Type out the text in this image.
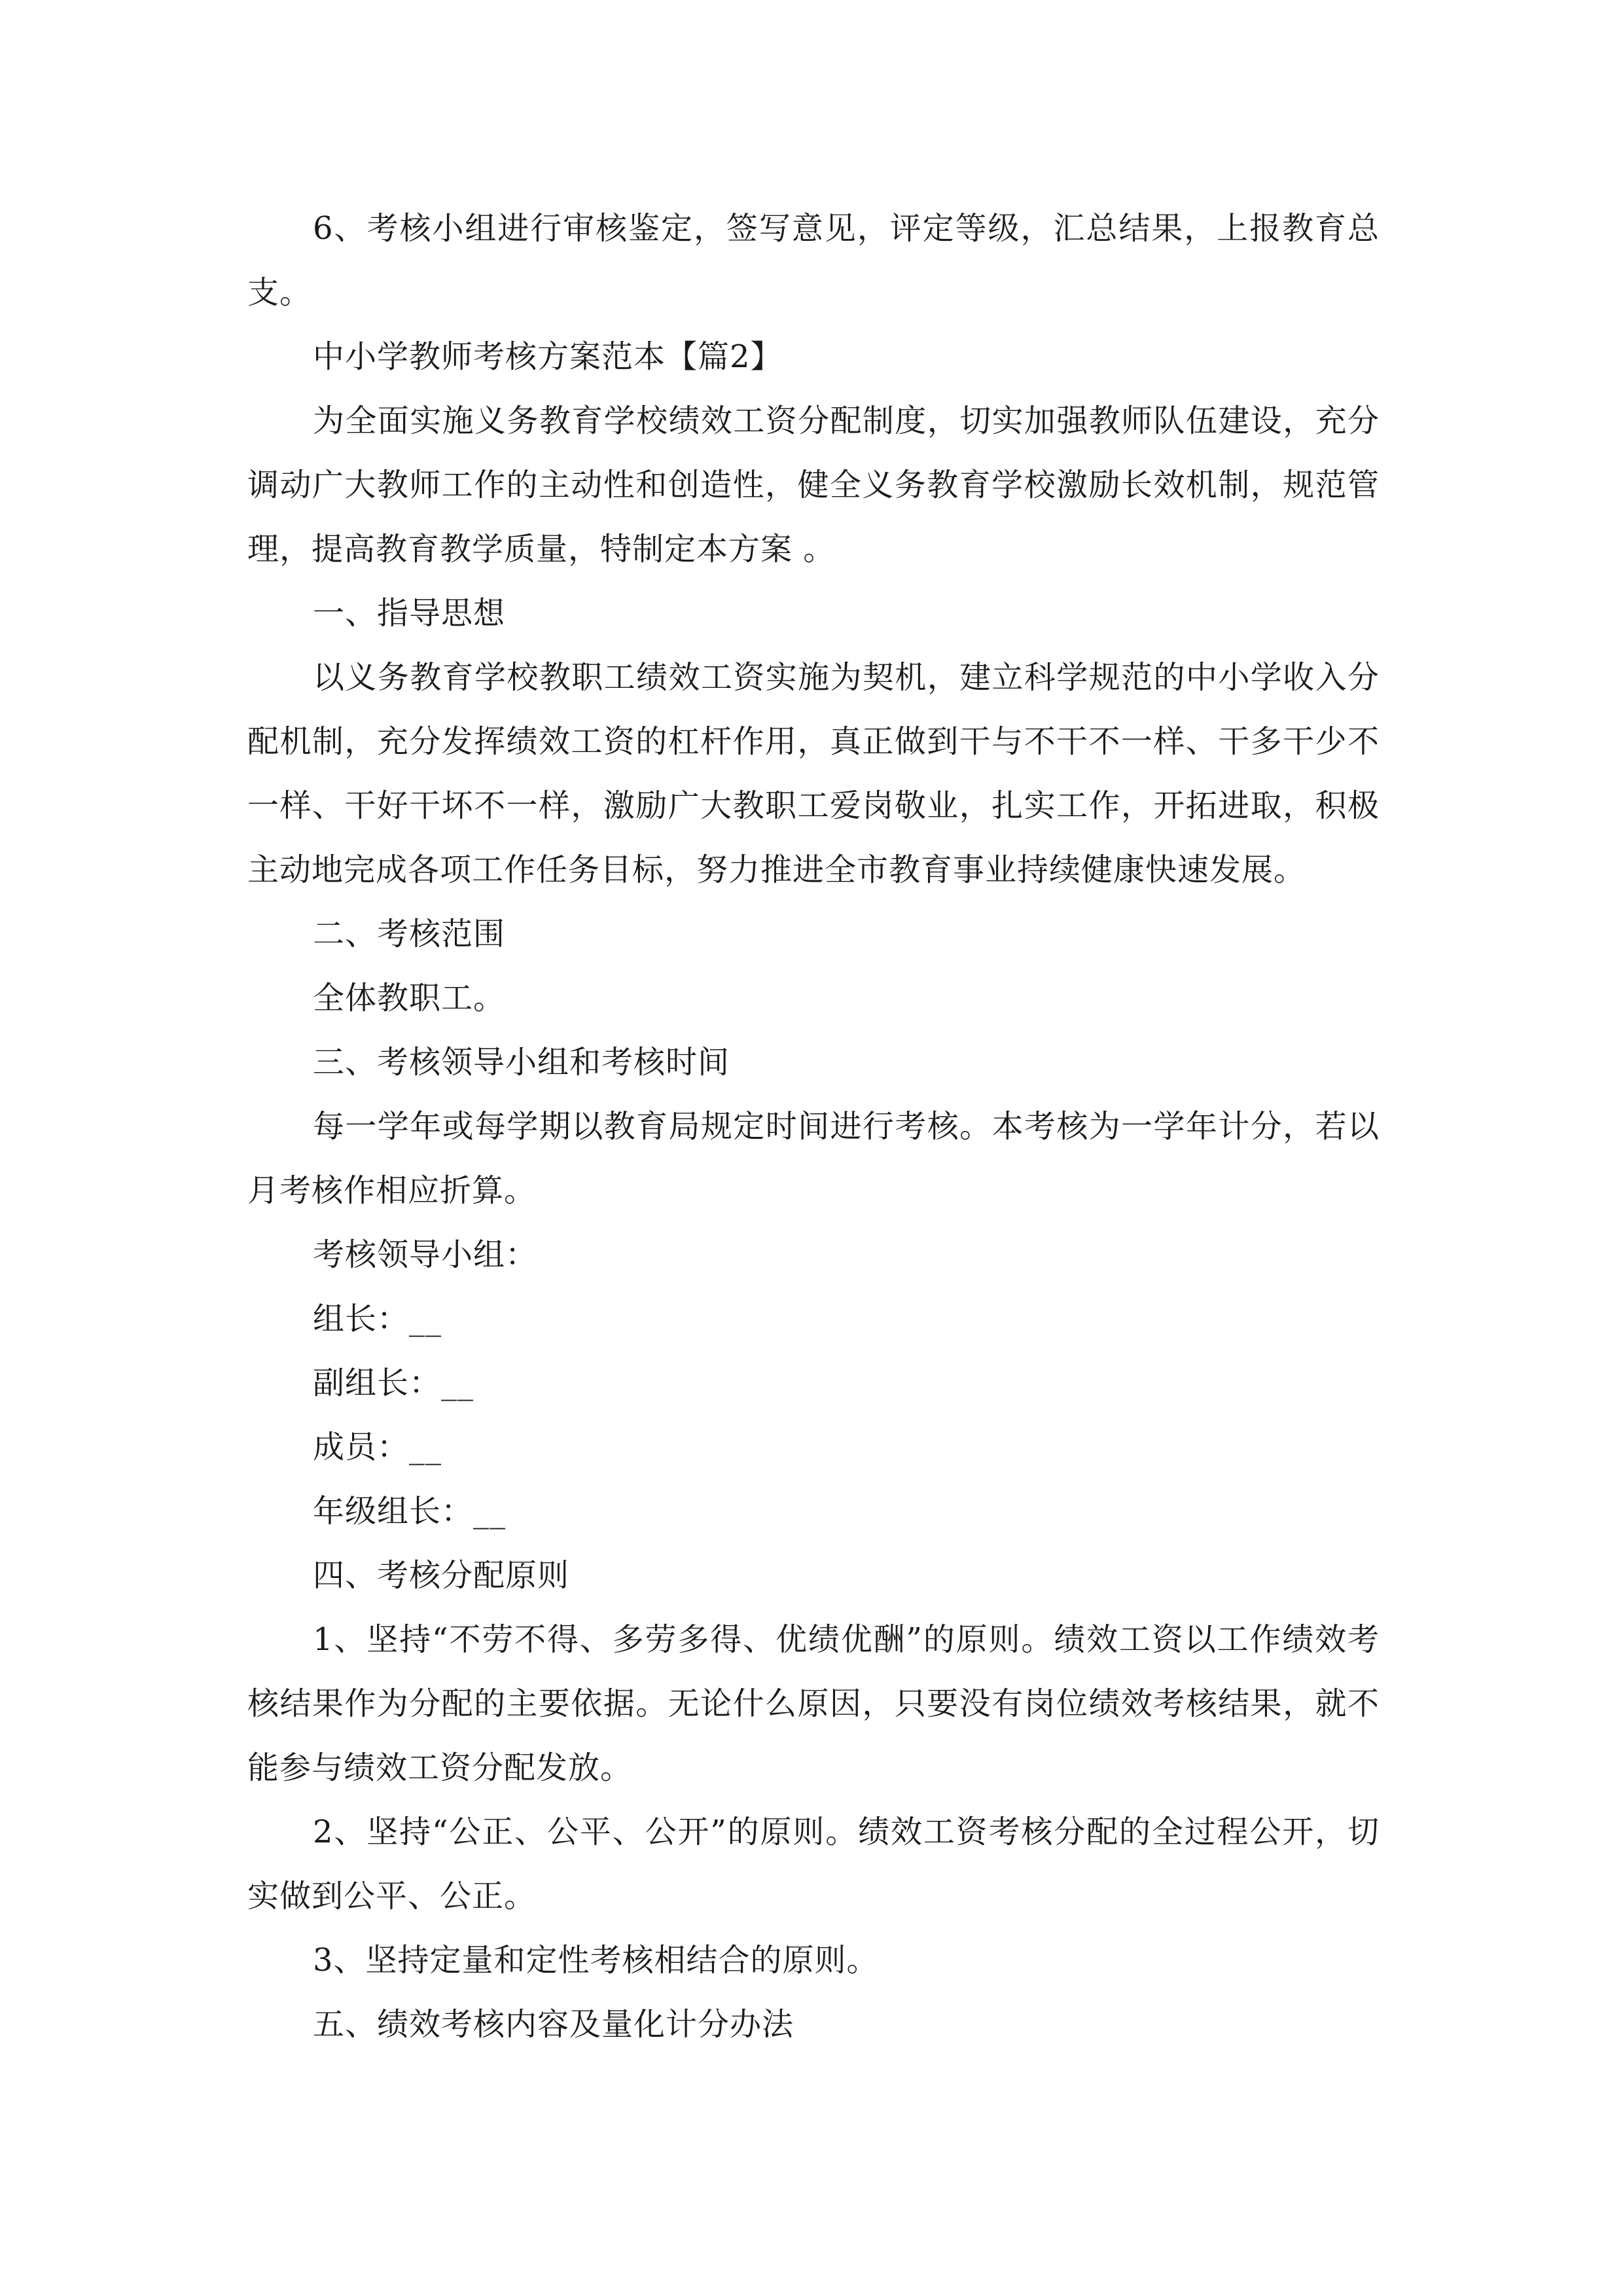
6、考核小组进行审核鉴定，签写意见，评定等级，汇总结果，上报教育总支。

中小学教师考核方案范本【篇2】

为全面实施义务教育学校绩效工资分配制度，切实加强教师队伍建设，充分调动广大教师工作的主动性和创造性，健全义务教育学校激励长效机制，规范管理，提高教育教学质量，特制定本方案 。

一、指导思想

以义务教育学校教职工绩效工资实施为契机，建立科学规范的中小学收入分配机制，充分发挥绩效工资的杠杆作用，真正做到干与不干不一样、干多干少不一样、干好干坏不一样，激励广大教职工爱岗敬业，扎实工作，开拓进取，积极主动地完成各项工作任务目标，努力推进全市教育事业持续健康快速发展。

二、考核范围

全体教职工。

三、考核领导小组和考核时间

每一学年或每学期以教育局规定时间进行考核。本考核为一学年计分，若以月考核作相应折算。

考核领导小组：

组长：__

副组长：__

成员：__

年级组长：__

四、考核分配原则

1、坚持“不劳不得、多劳多得、优绩优酬”的原则。绩效工资以工作绩效考核结果作为分配的主要依据。无论什么原因，只要没有岗位绩效考核结果，就不能参与绩效工资分配发放。

2、坚持“公正、公平、公开”的原则。绩效工资考核分配的全过程公开，切实做到公平、公正。

3、坚持定量和定性考核相结合的原则。

五、绩效考核内容及量化计分办法
